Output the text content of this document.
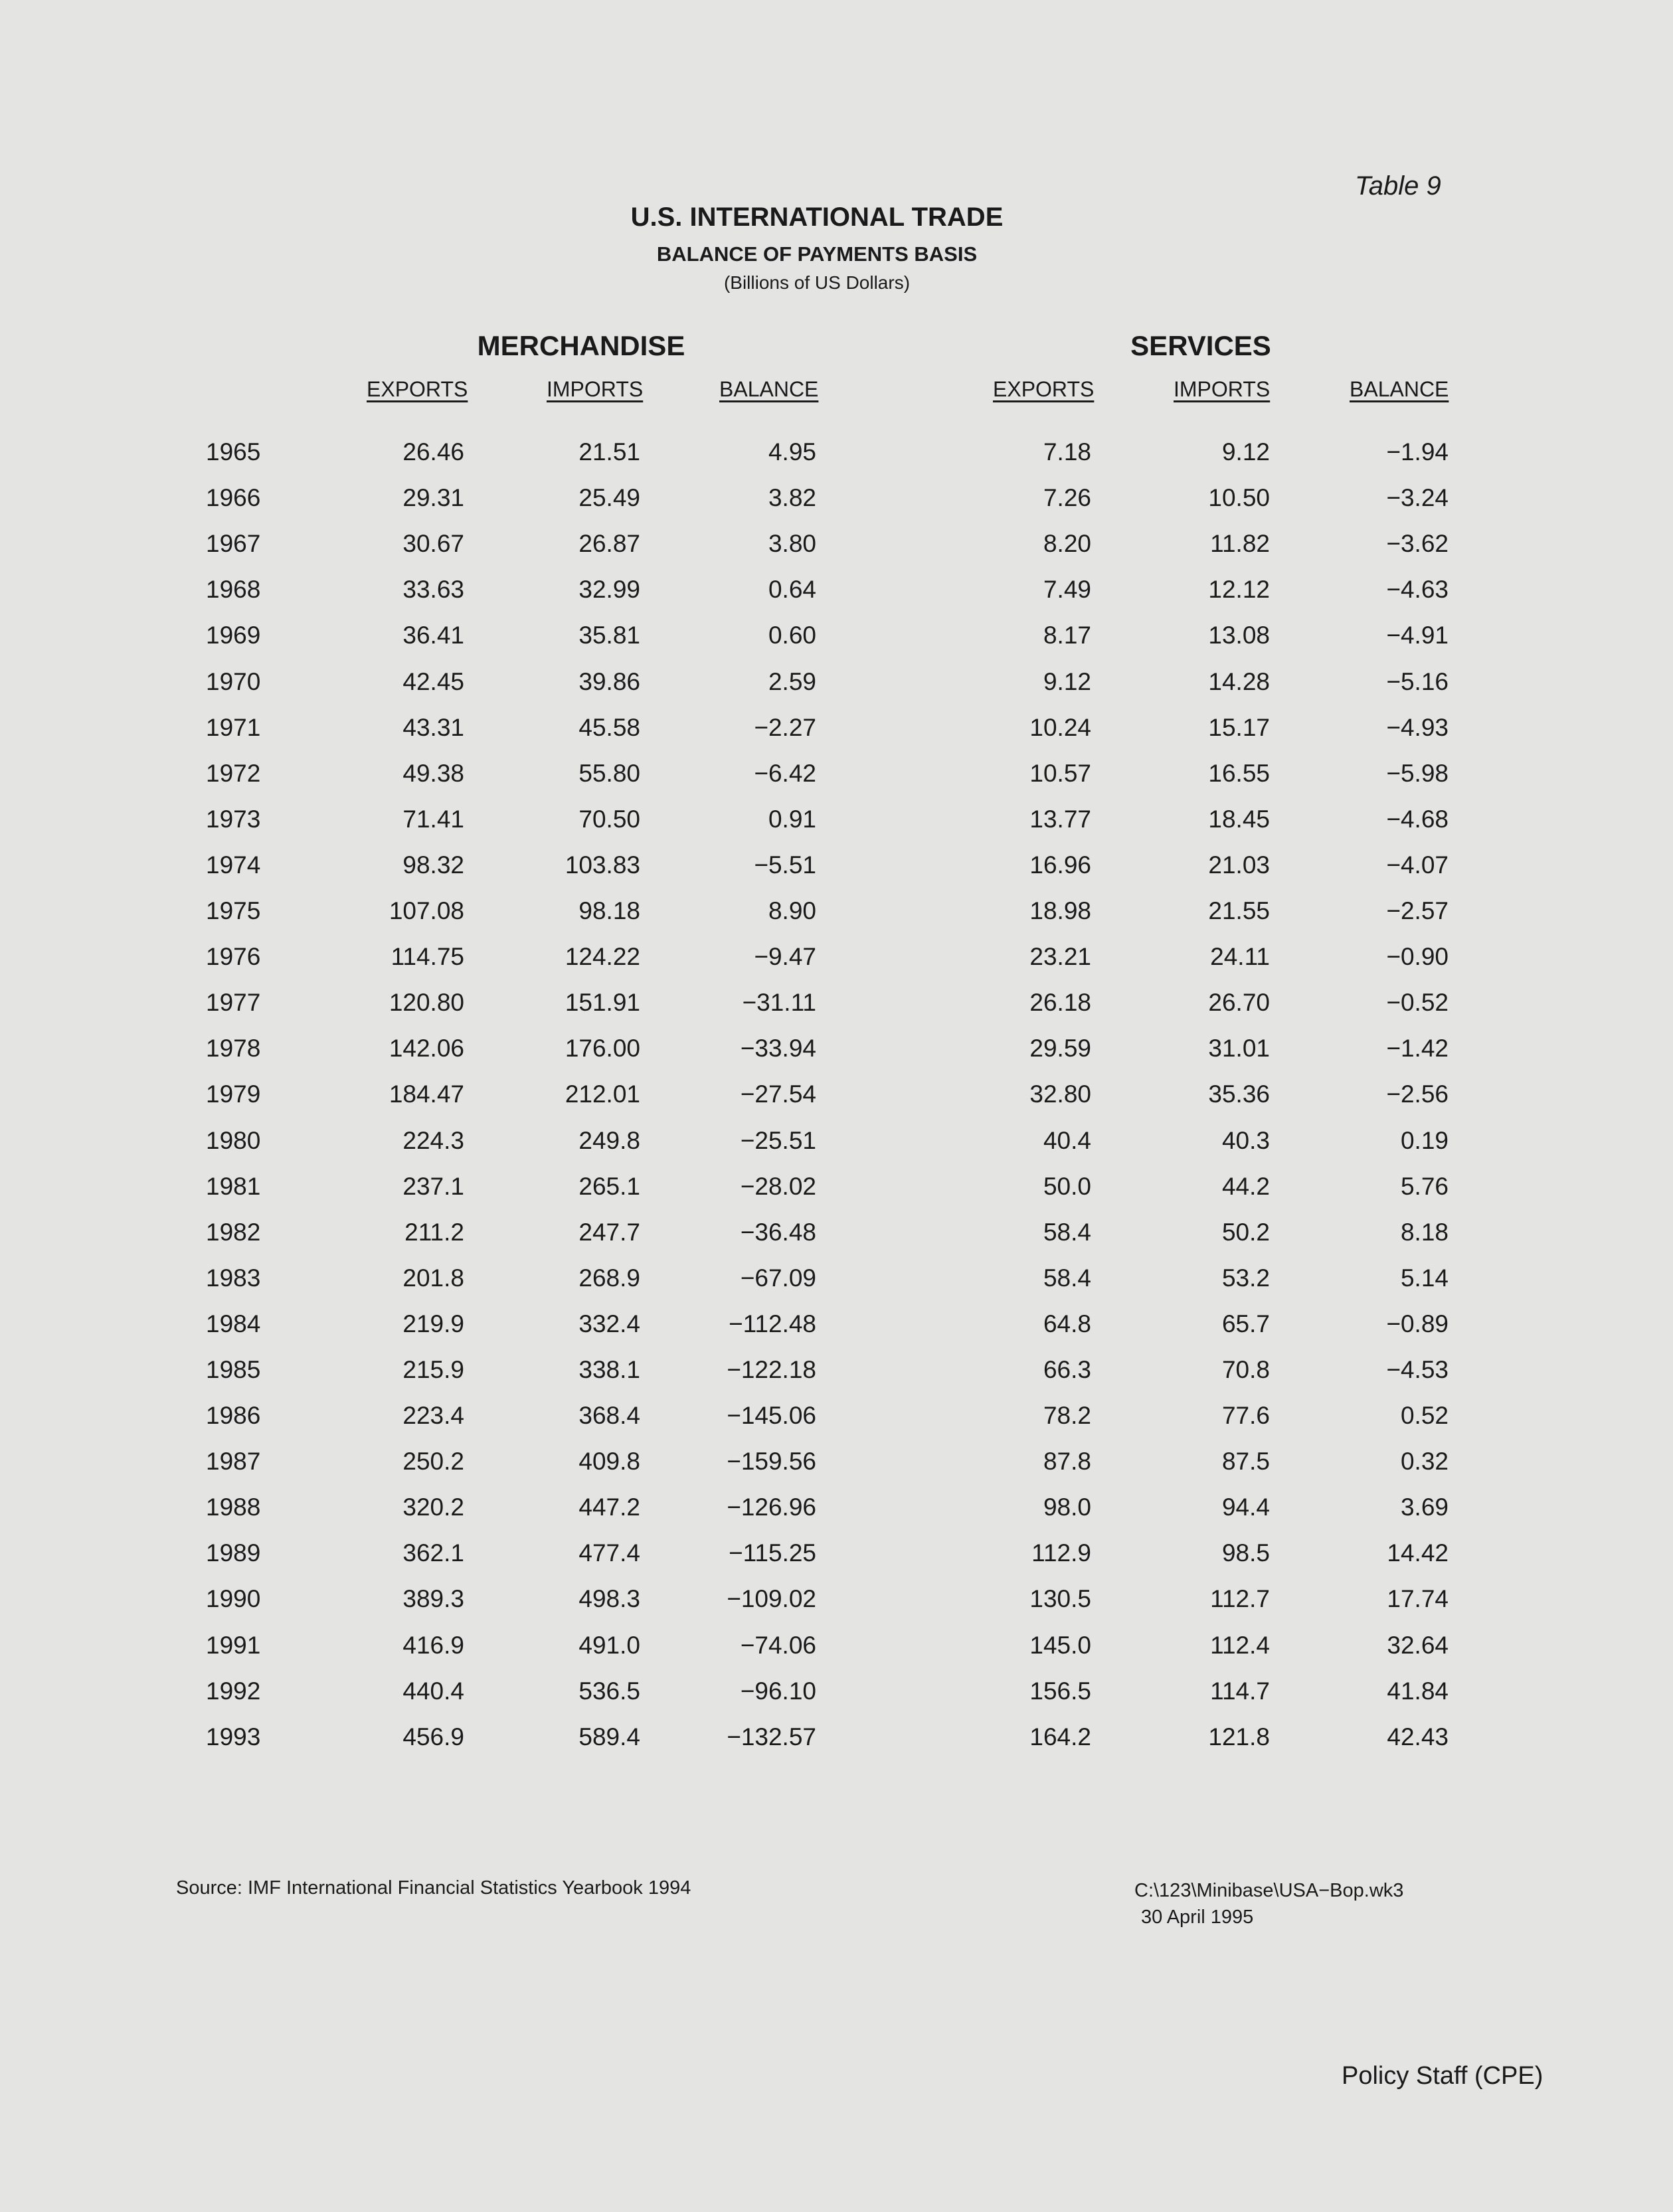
Table 9
U.S. INTERNATIONAL TRADE
BALANCE OF PAYMENTS BASIS
(Billions of US Dollars)
MERCHANDISE	SERVICES
EXPORTS	IMPORTS	BALANCE	EXPORTS	IMPORTS	BALANCE
1965	26.46	21.51	4.95	7.18	9.12	−1.94
1966	29.31	25.49	3.82	7.26	10.50	−3.24
1967	30.67	26.87	3.80	8.20	11.82	−3.62
1968	33.63	32.99	0.64	7.49	12.12	−4.63
1969	36.41	35.81	0.60	8.17	13.08	−4.91
1970	42.45	39.86	2.59	9.12	14.28	−5.16
1971	43.31	45.58	−2.27	10.24	15.17	−4.93
1972	49.38	55.80	−6.42	10.57	16.55	−5.98
1973	71.41	70.50	0.91	13.77	18.45	−4.68
1974	98.32	103.83	−5.51	16.96	21.03	−4.07
1975	107.08	98.18	8.90	18.98	21.55	−2.57
1976	114.75	124.22	−9.47	23.21	24.11	−0.90
1977	120.80	151.91	−31.11	26.18	26.70	−0.52
1978	142.06	176.00	−33.94	29.59	31.01	−1.42
1979	184.47	212.01	−27.54	32.80	35.36	−2.56
1980	224.3	249.8	−25.51	40.4	40.3	0.19
1981	237.1	265.1	−28.02	50.0	44.2	5.76
1982	211.2	247.7	−36.48	58.4	50.2	8.18
1983	201.8	268.9	−67.09	58.4	53.2	5.14
1984	219.9	332.4	−112.48	64.8	65.7	−0.89
1985	215.9	338.1	−122.18	66.3	70.8	−4.53
1986	223.4	368.4	−145.06	78.2	77.6	0.52
1987	250.2	409.8	−159.56	87.8	87.5	0.32
1988	320.2	447.2	−126.96	98.0	94.4	3.69
1989	362.1	477.4	−115.25	112.9	98.5	14.42
1990	389.3	498.3	−109.02	130.5	112.7	17.74
1991	416.9	491.0	−74.06	145.0	112.4	32.64
1992	440.4	536.5	−96.10	156.5	114.7	41.84
1993	456.9	589.4	−132.57	164.2	121.8	42.43
Source: IMF International Financial Statistics Yearbook 1994	C:\123\Minibase\USA−Bop.wk3
30 April 1995
Policy Staff (CPE)
